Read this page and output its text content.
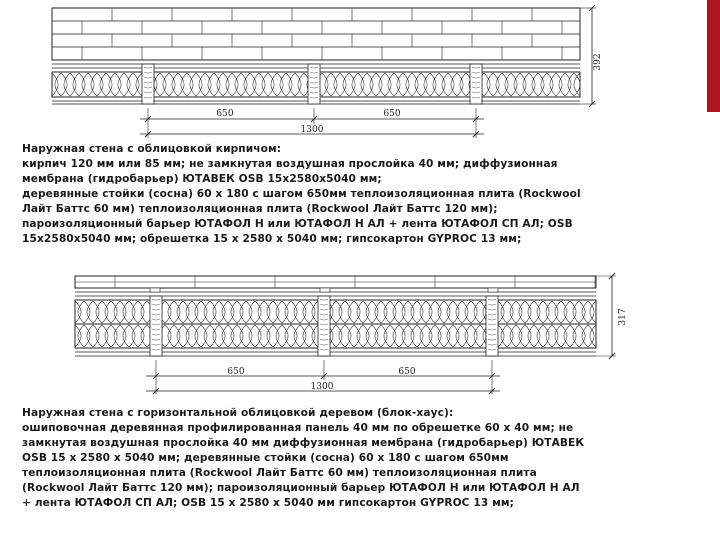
650	650
1300
392
Наружная стена с облицовкой кирпичом:
кирпич 120 мм или 85 мм; не замкнутая воздушная прослойка 40 мм; диффузионная
мембрана (гидробарьер) ЮТАВЕК OSB 15х2580х5040 мм;
деревянные стойки (сосна) 60 х 180 с шагом 650мм теплоизоляционная плита (Rockwool
Лайт Баттс 60 мм) теплоизоляционная плита (Rockwool Лайт Баттс 120 мм);
пароизоляционный барьер ЮТАФОЛ Н или ЮТАФОЛ Н АЛ + лента ЮТАФОЛ СП АЛ; OSB
15х2580х5040 мм; обрешетка 15 х 2580 х 5040 мм; гипсокартон GYPROC 13 мм;
650	650
1300
317
Наружная стена с горизонтальной облицовкой деревом (блок-хаус):
ошиповочная деревянная профилированная панель 40 мм по обрешетке 60 х 40 мм; не
замкнутая воздушная прослойка 40 мм диффузионная мембрана (гидробарьер) ЮТАВЕК
OSB 15 х 2580 х 5040 мм; деревянные стойки (сосна) 60 х 180 с шагом 650мм
теплоизоляционная плита (Rockwool Лайт Баттс 60 мм) теплоизоляционная плита
(Rockwool Лайт Баттс 120 мм); пароизоляционный барьер ЮТАФОЛ Н или ЮТАФОЛ Н АЛ
+ лента ЮТАФОЛ СП АЛ; OSB 15 х 2580 х 5040 мм гипсокартон GYPROC 13 мм;
